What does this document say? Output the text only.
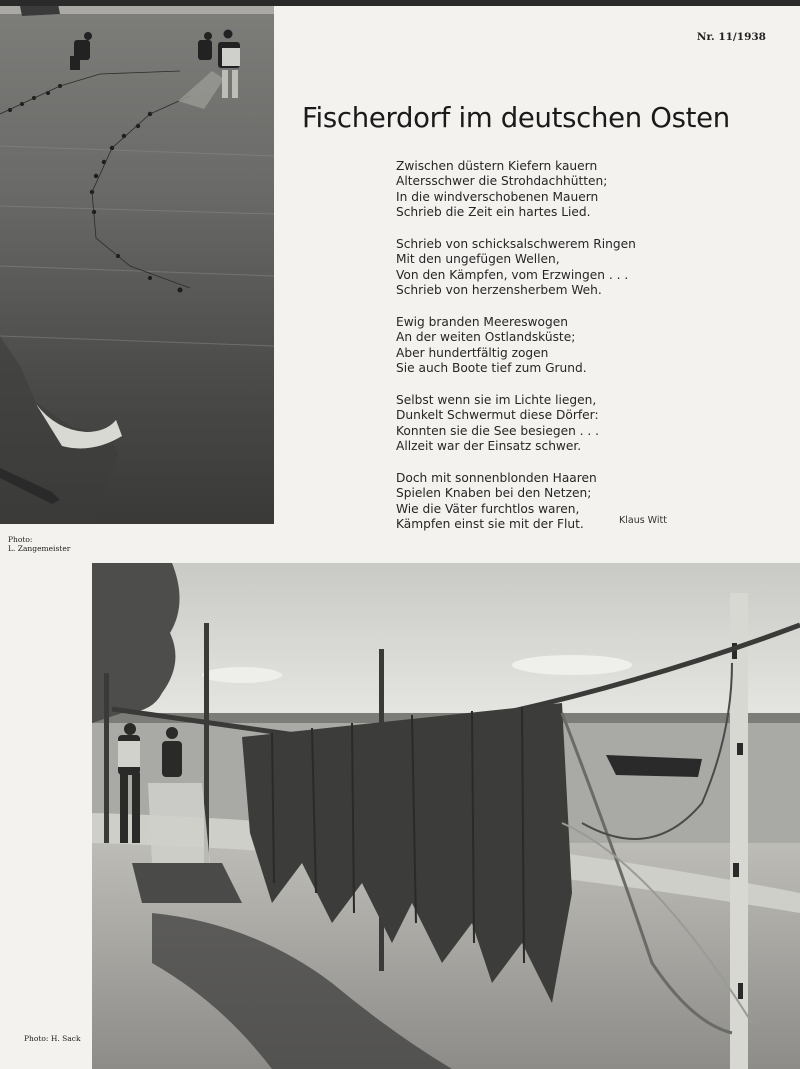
Photo:
L. Zangemeister
Nr. 11/1938
Fischerdorf im deutschen Osten
Zwischen düstern Kiefern kauern
Altersschwer die Strohdachhütten;
In die windverschobenen Mauern
Schrieb die Zeit ein hartes Lied.
Schrieb von schicksalschwerem Ringen
Mit den ungefügen Wellen,
Von den Kämpfen, vom Erzwingen . . .
Schrieb von herzensherbem Weh.
Ewig branden Meereswogen
An der weiten Ostlandsküste;
Aber hundertfältig zogen
Sie auch Boote tief zum Grund.
Selbst wenn sie im Lichte liegen,
Dunkelt Schwermut diese Dörfer:
Konnten sie die See besiegen . . .
Allzeit war der Einsatz schwer.
Doch mit sonnenblonden Haaren
Spielen Knaben bei den Netzen;
Wie die Väter furchtlos waren,
Kämpfen einst sie mit der Flut.	Klaus Witt
Photo: H. Sack
